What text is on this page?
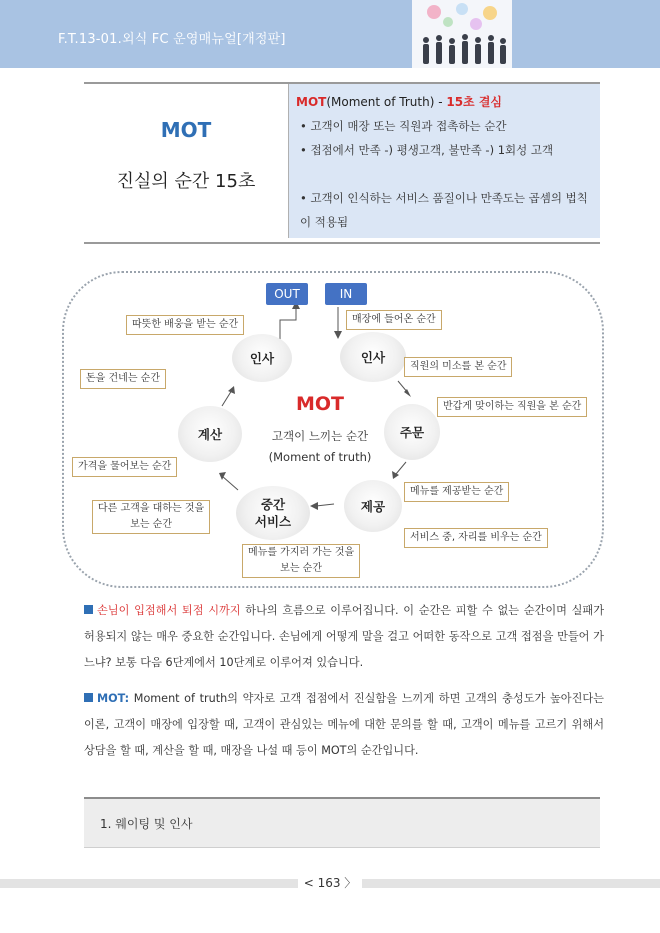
F.T.13-01.외식 FC 운영매뉴얼[개정판]
MOT
진실의 순간 15초
MOT(Moment of Truth) - 15초 결심
• 고객이 매장 또는 직원과 접촉하는 순간
• 접점에서 만족 -) 평생고객, 불만족 -) 1회성 고객
• 고객이 인식하는 서비스 품질이나 만족도는 곱셈의 법칙이 적용됨
OUT	IN
인사	인사
주문
제공
중간
서비스
계산
MOT
고객이 느끼는 순간
(Moment of truth)
따뜻한 배웅을 받는 순간	매장에 들어온 순간
직원의 미소를 본 순간
돈을 건네는 순간
반갑게 맞이하는 직원을 본 순간
가격을 물어보는 순간
메뉴를 제공받는 순간
다른 고객을 대하는 것을
보는 순간
서비스 중, 자리를 비우는 순간
메뉴를 가지러 가는 것을
보는 순간
손님이 입점해서 퇴점 시까지 하나의 흐름으로 이루어집니다. 이 순간은 피할 수 없는 순간이며 실패가 허용되지 않는 매우 중요한 순간입니다. 손님에게 어떻게 말을 걸고 어떠한 동작으로 고객 접점을 만들어 가느냐? 보통 다음 6단계에서 10단계로 이루어져 있습니다.
MOT: Moment of truth의 약자로 고객 접점에서 진실함을 느끼게 하면 고객의 충성도가 높아진다는 이론, 고객이 매장에 입장할 때, 고객이 관심있는 메뉴에 대한 문의를 할 때, 고객이 메뉴를 고르기 위해서 상담을 할 때, 계산을 할 때, 매장을 나설 때 등이 MOT의 순간입니다.
1. 웨이팅 및 인사
< 163 〉
